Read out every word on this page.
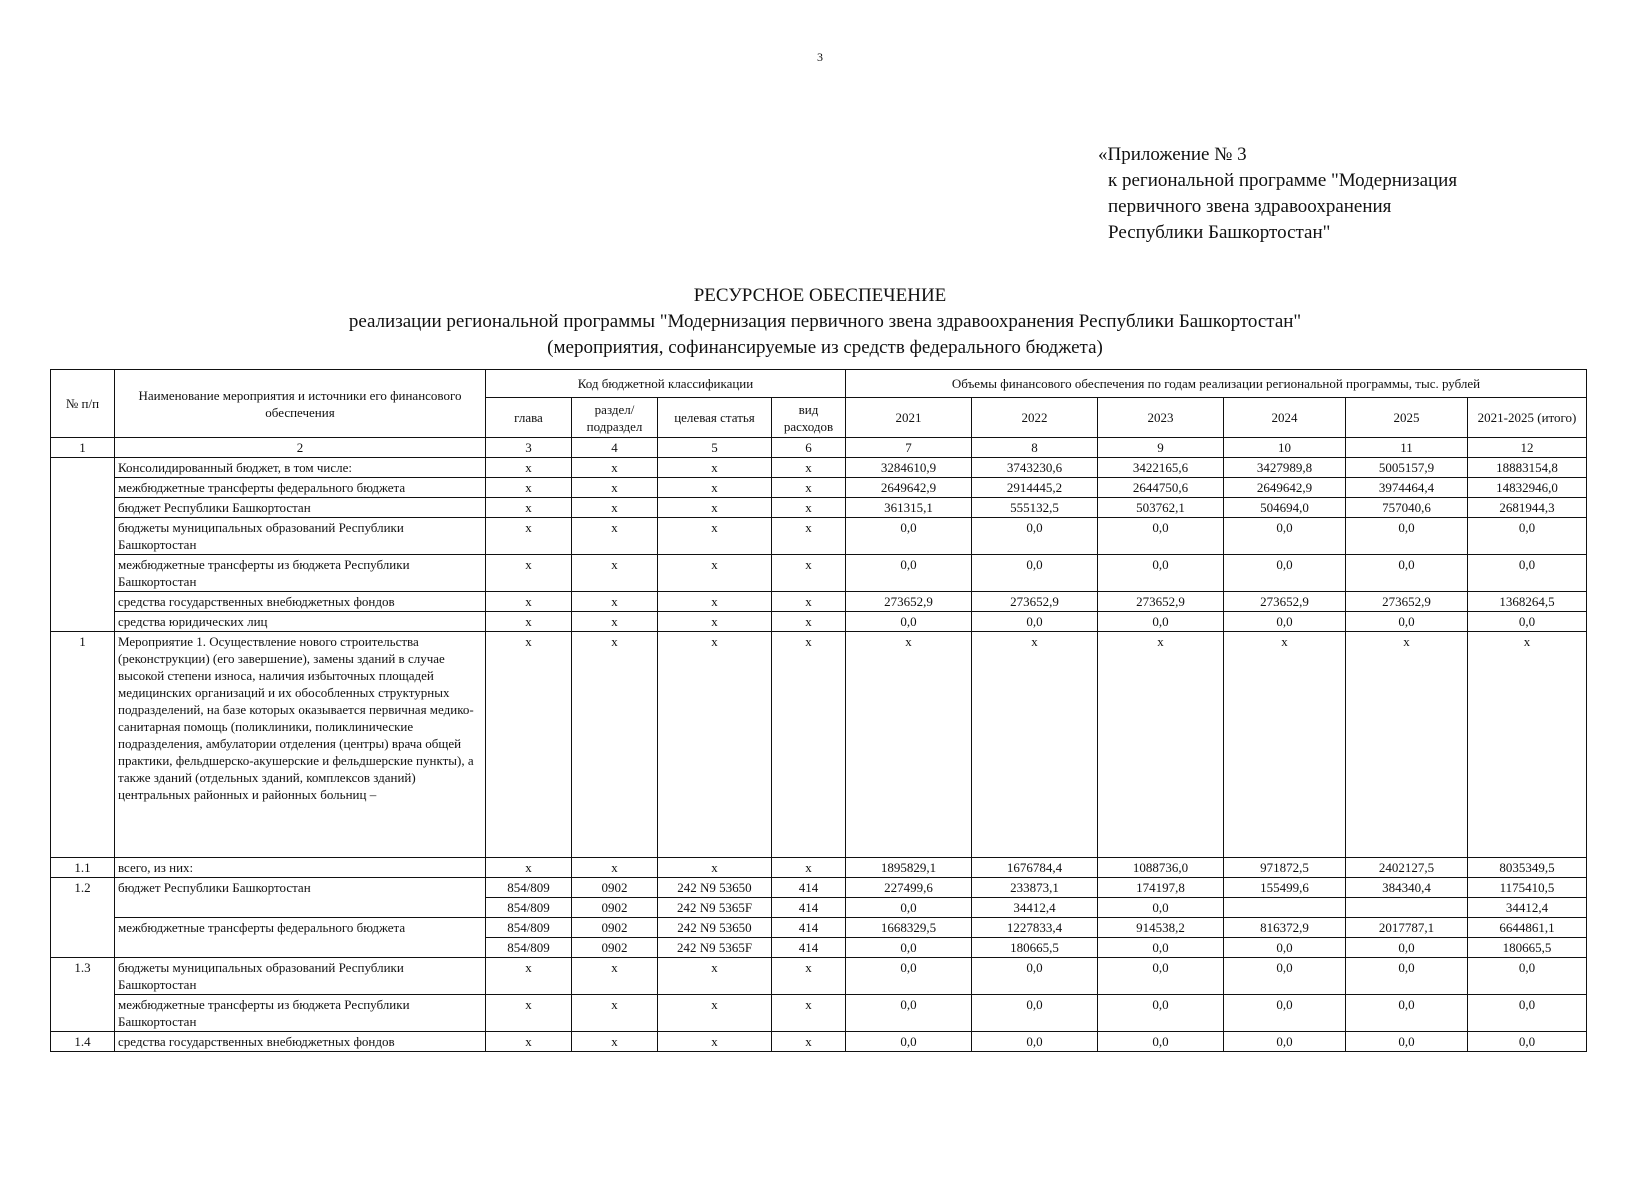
3
«Приложение № 3
к региональной программе "Модернизация
первичного звена здравоохранения
Республики Башкортостан"
РЕСУРСНОЕ ОБЕСПЕЧЕНИЕ
реализации региональной программы "Модернизация первичного звена здравоохранения Республики Башкортостан"
(мероприятия, софинансируемые из средств федерального бюджета)
№ п/п	Наименование мероприятия и источники его финансового обеспечения	Код бюджетной классификации				Объемы финансового обеспечения по годам реализации региональной программы, тыс. рублей					
		глава	раздел/ подраздел	целевая статья	вид расходов	2021	2022	2023	2024	2025	2021-2025 (итого)
1	2	3	4	5	6	7	8	9	10	11	12
	Консолидированный бюджет, в том числе:	х	х	х	х	3284610,9	3743230,6	3422165,6	3427989,8	5005157,9	18883154,8
	межбюджетные трансферты федерального бюджета	х	х	х	х	2649642,9	2914445,2	2644750,6	2649642,9	3974464,4	14832946,0
	бюджет Республики Башкортостан	х	х	х	х	361315,1	555132,5	503762,1	504694,0	757040,6	2681944,3
	бюджеты муниципальных образований Республики Башкортостан	х	х	х	х	0,0	0,0	0,0	0,0	0,0	0,0
	межбюджетные трансферты из бюджета Республики Башкортостан	х	х	х	х	0,0	0,0	0,0	0,0	0,0	0,0
	средства государственных внебюджетных фондов	х	х	х	х	273652,9	273652,9	273652,9	273652,9	273652,9	1368264,5
	средства юридических лиц	х	х	х	х	0,0	0,0	0,0	0,0	0,0	0,0
1	Мероприятие 1. Осуществление нового строительства (реконструкции) (его завершение), замены зданий в случае высокой степени износа, наличия избыточных площадей медицинских организаций и их обособленных структурных подразделений, на базе которых оказывается первичная медико-санитарная помощь (поликлиники, поликлинические подразделения, амбулатории отделения (центры) врача общей практики, фельдшерско-акушерские и фельдшерские пункты), а также зданий (отдельных зданий, комплексов зданий) центральных районных и районных больниц –	х	х	х	х	х	х	х	х	х	х
1.1	всего, из них:	х	х	х	х	1895829,1	1676784,4	1088736,0	971872,5	2402127,5	8035349,5
1.2	бюджет Республики Башкортостан	854/809	0902	242 N9 53650	414	227499,6	233873,1	174197,8	155499,6	384340,4	1175410,5
		854/809	0902	242 N9 5365F	414	0,0	34412,4	0,0			34412,4
	межбюджетные трансферты федерального бюджета	854/809	0902	242 N9 53650	414	1668329,5	1227833,4	914538,2	816372,9	2017787,1	6644861,1
		854/809	0902	242 N9 5365F	414	0,0	180665,5	0,0	0,0	0,0	180665,5
1.3	бюджеты муниципальных образований Республики Башкортостан	х	х	х	х	0,0	0,0	0,0	0,0	0,0	0,0
	межбюджетные трансферты из бюджета Республики Башкортостан	х	х	х	х	0,0	0,0	0,0	0,0	0,0	0,0
1.4	средства государственных внебюджетных фондов	х	х	х	х	0,0	0,0	0,0	0,0	0,0	0,0
